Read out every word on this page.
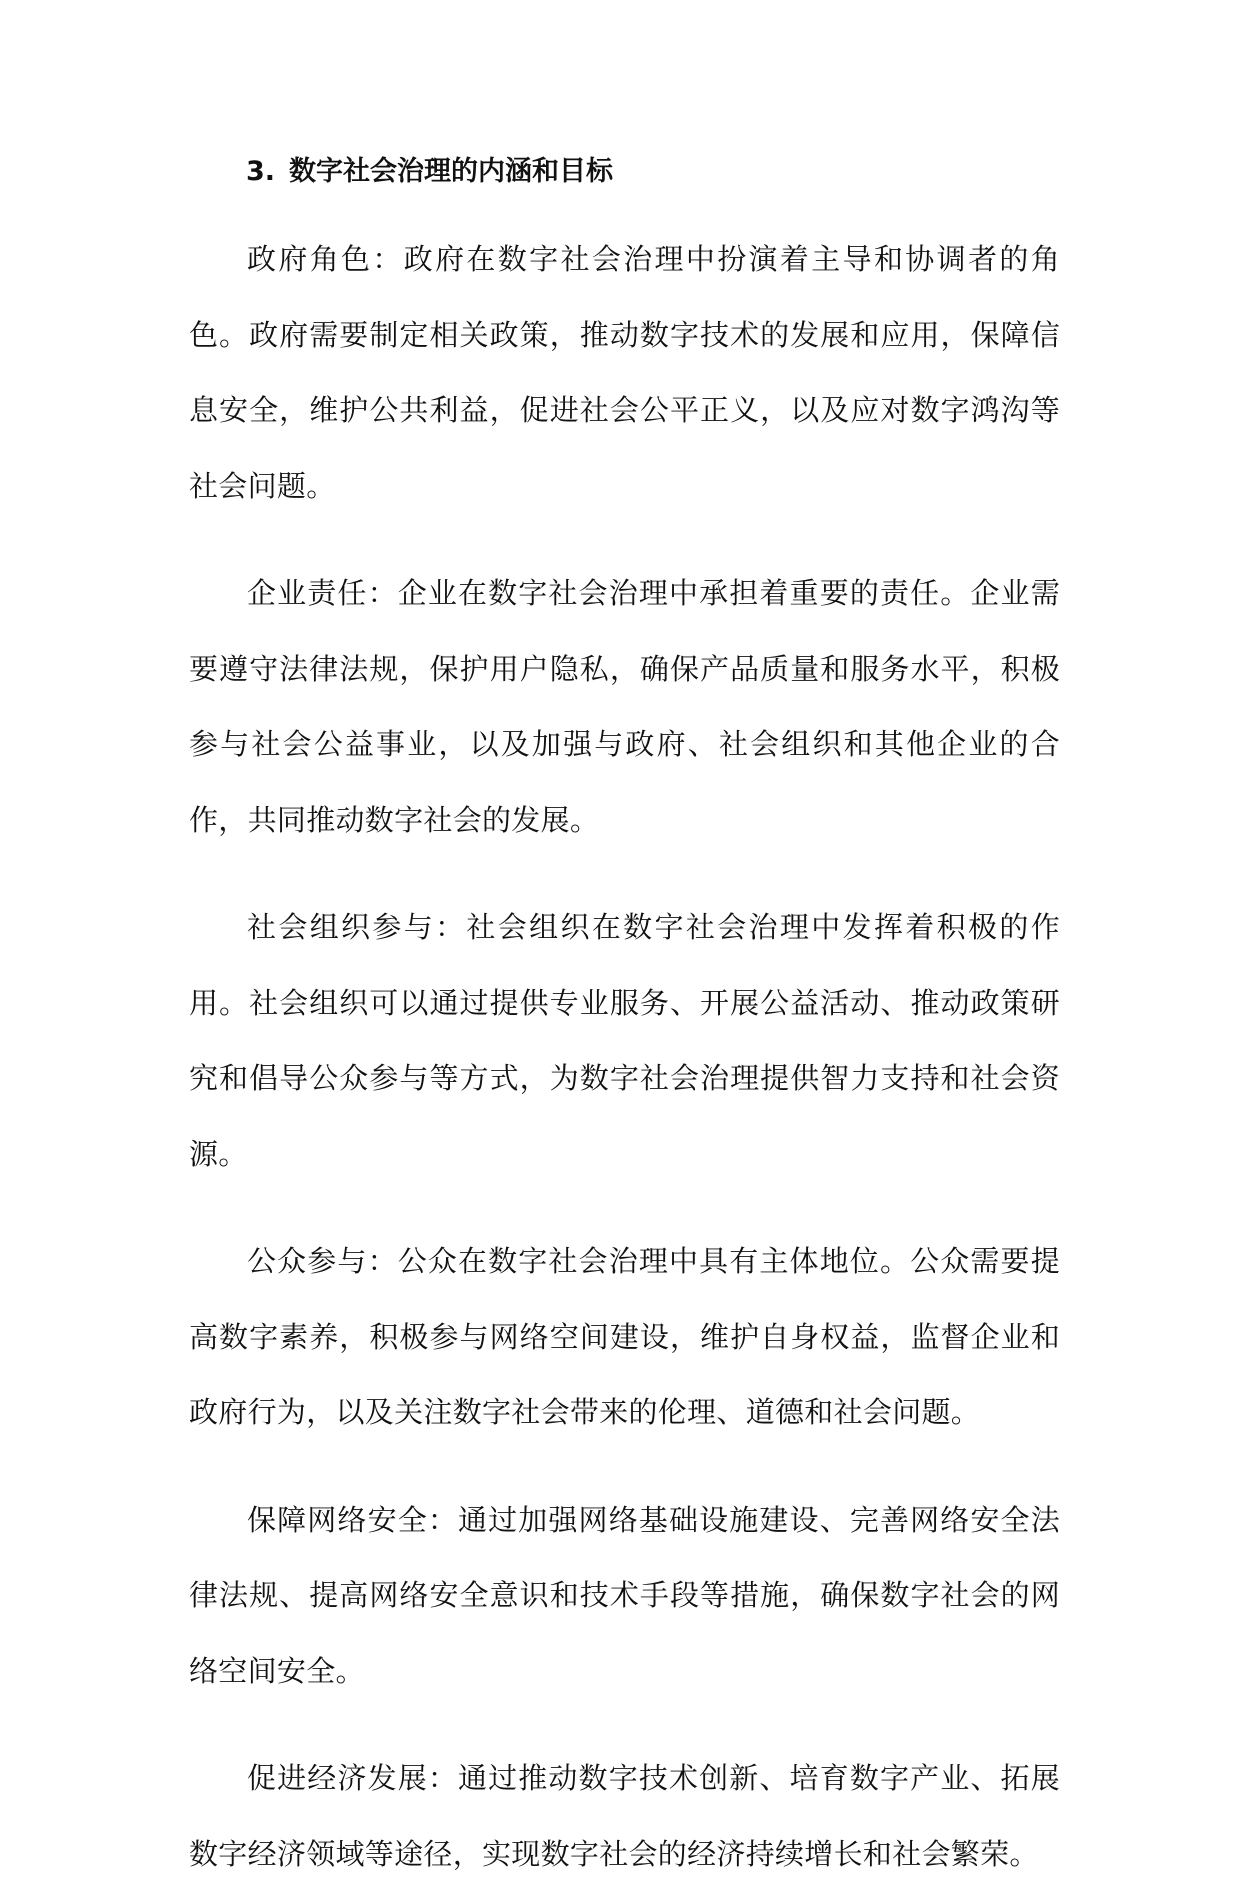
3. 数字社会治理的内涵和目标

政府角色：政府在数字社会治理中扮演着主导和协调者的角色。政府需要制定相关政策，推动数字技术的发展和应用，保障信息安全，维护公共利益，促进社会公平正义，以及应对数字鸿沟等社会问题。

企业责任：企业在数字社会治理中承担着重要的责任。企业需要遵守法律法规，保护用户隐私，确保产品质量和服务水平，积极参与社会公益事业，以及加强与政府、社会组织和其他企业的合作，共同推动数字社会的发展。

社会组织参与：社会组织在数字社会治理中发挥着积极的作用。社会组织可以通过提供专业服务、开展公益活动、推动政策研究和倡导公众参与等方式，为数字社会治理提供智力支持和社会资源。

公众参与：公众在数字社会治理中具有主体地位。公众需要提高数字素养，积极参与网络空间建设，维护自身权益，监督企业和政府行为，以及关注数字社会带来的伦理、道德和社会问题。

保障网络安全：通过加强网络基础设施建设、完善网络安全法律法规、提高网络安全意识和技术手段等措施，确保数字社会的网络空间安全。

促进经济发展：通过推动数字技术创新、培育数字产业、拓展数字经济领域等途径，实现数字社会的经济持续增长和社会繁荣。
